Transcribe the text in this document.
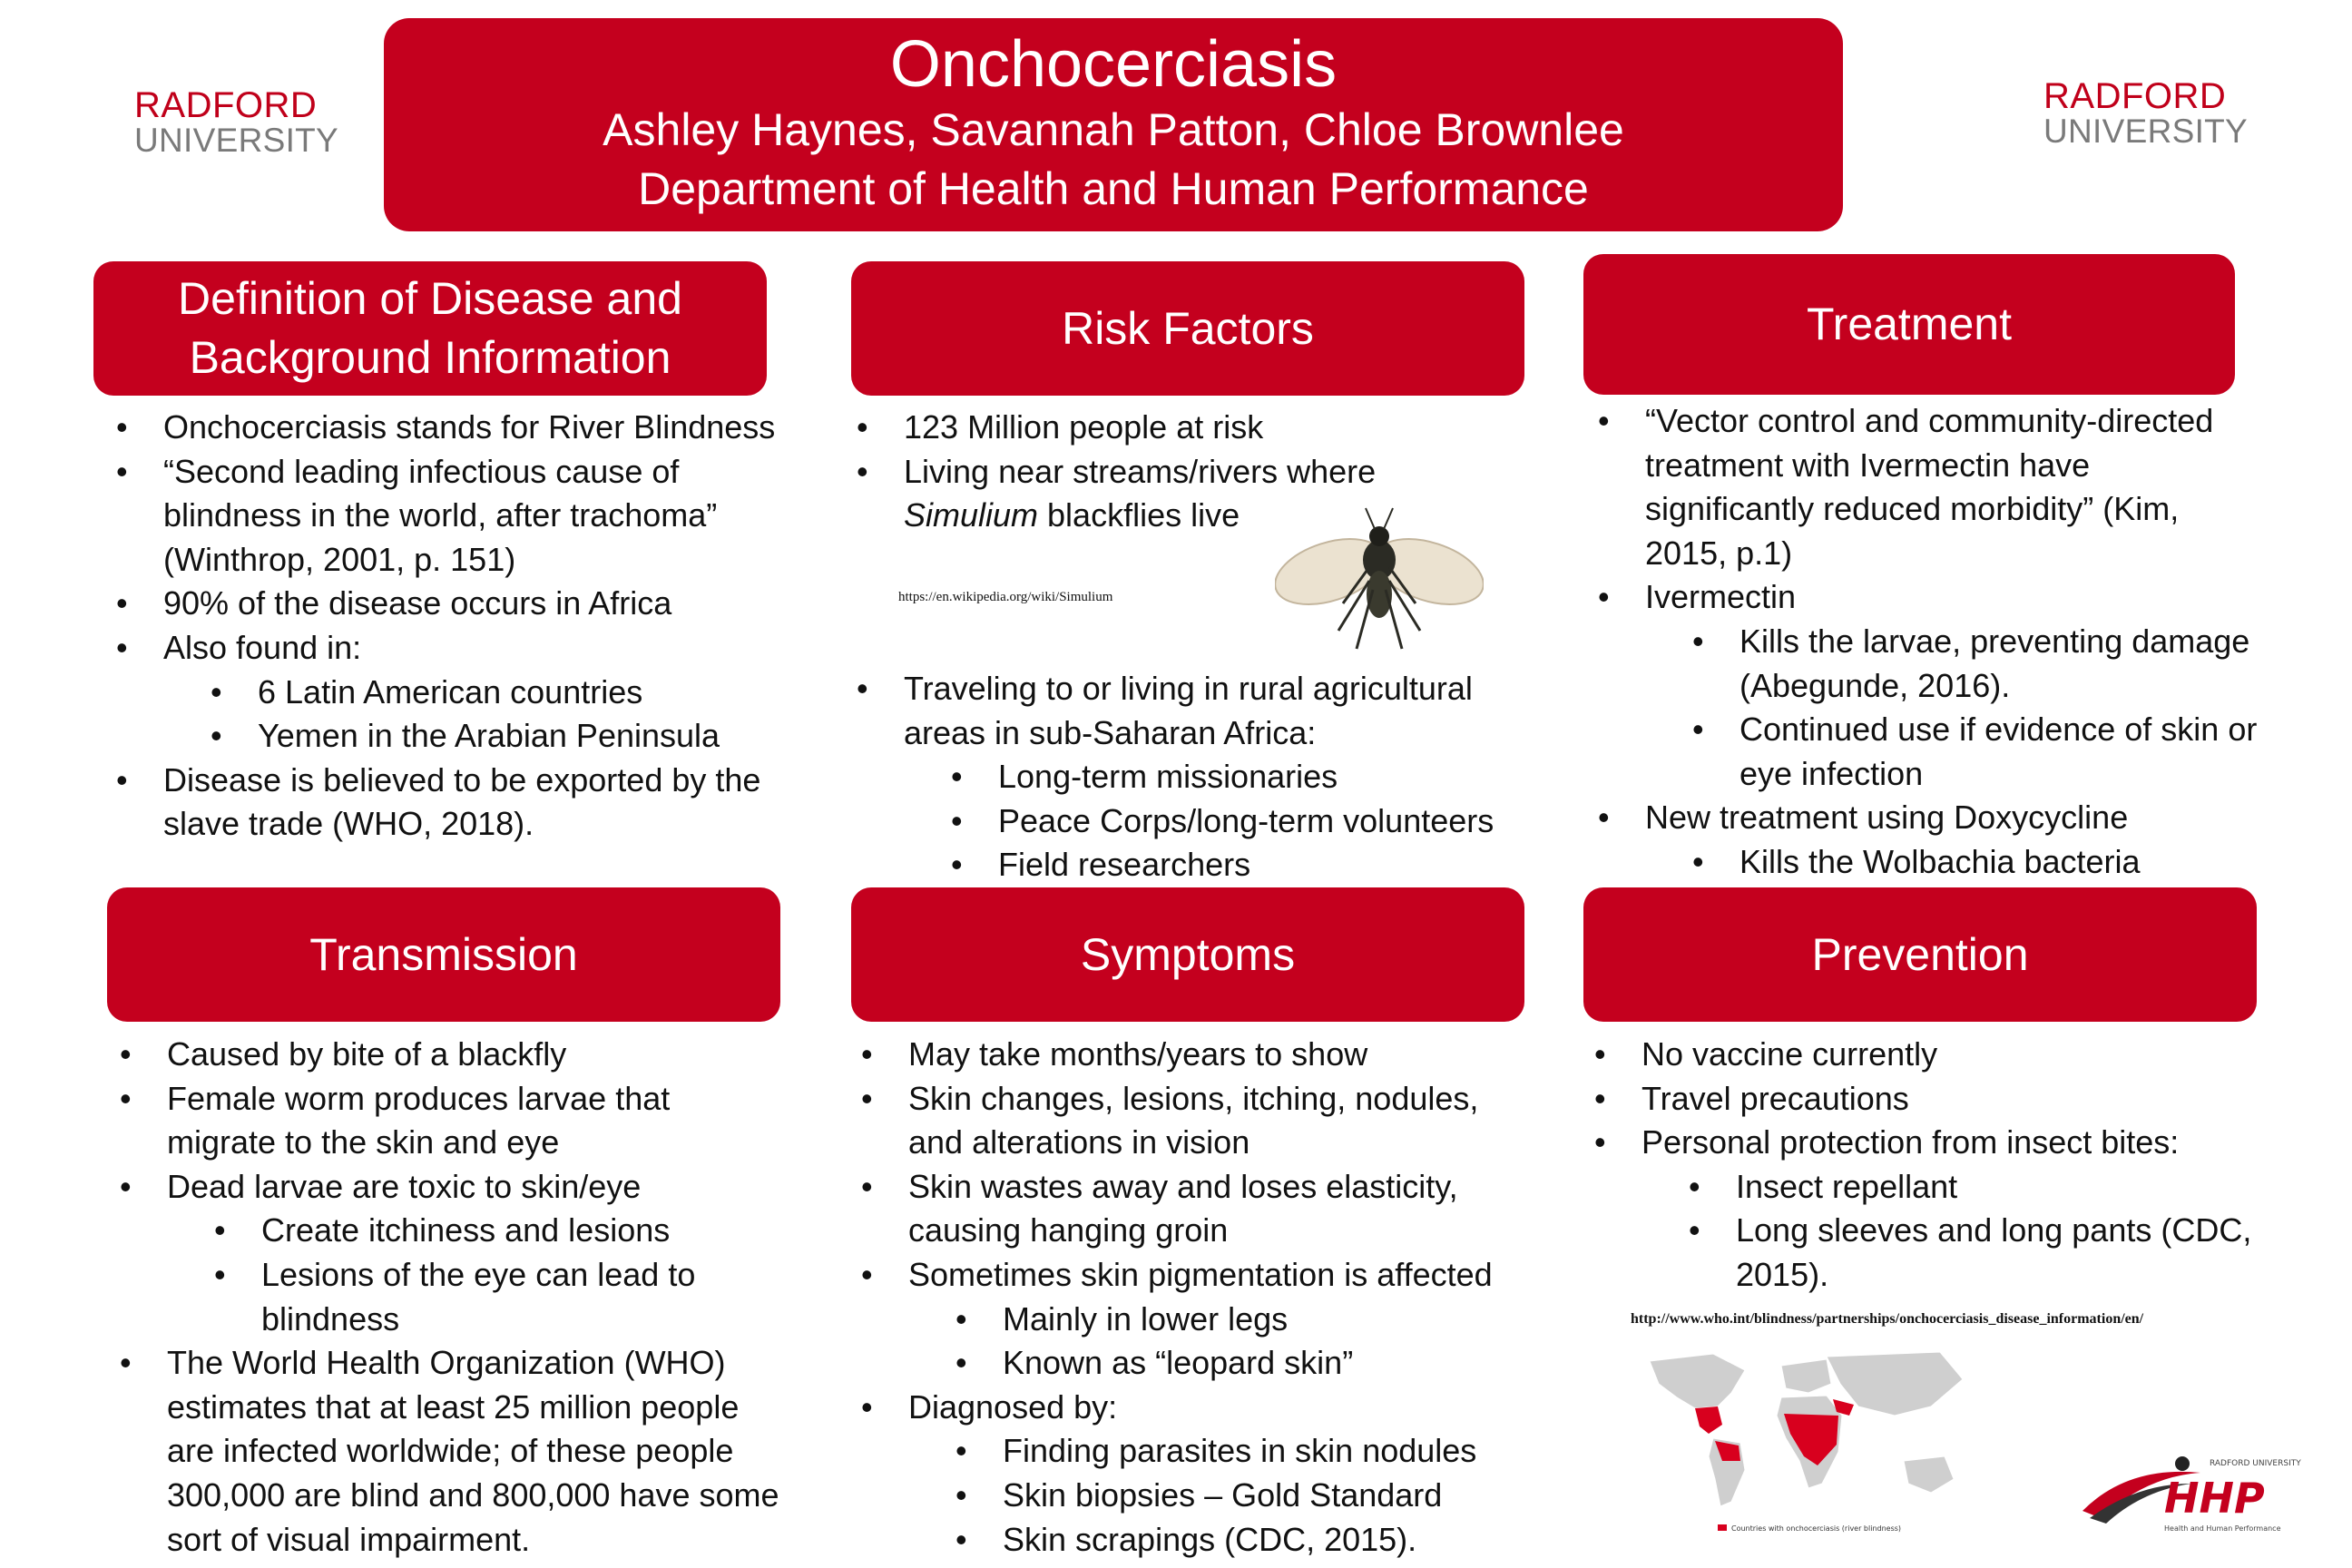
RADFORD
UNIVERSITY
RADFORD
UNIVERSITY
Onchocerciasis
Ashley Haynes, Savannah Patton, Chloe Brownlee
Department of Health and Human Performance
Definition of Disease and
Background Information
Risk Factors	Treatment
Transmission	Symptoms	Prevention
• Onchocerciasis stands for River Blindness
• “Second leading infectious cause of blindness in the world, after trachoma” (Winthrop, 2001, p. 151)
• 90% of the disease occurs in Africa
• Also found in:
• 6 Latin American countries
• Yemen in the Arabian Peninsula
• Disease is believed to be exported by the slave trade (WHO, 2018).
• 123 Million people at risk
• Living near streams/rivers where
Simulium blackflies live
https://en.wikipedia.org/wiki/Simulium
• Traveling to or living in rural agricultural areas in sub-Saharan Africa:
• Long-term missionaries
• Peace Corps/long-term volunteers
• Field researchers
• “Vector control and community-directed treatment with Ivermectin have significantly reduced morbidity” (Kim, 2015, p.1)
• Ivermectin
• Kills the larvae, preventing damage (Abegunde, 2016).
• Continued use if evidence of skin or eye infection
• New treatment using Doxycycline
• Kills the Wolbachia bacteria
• Caused by bite of a blackfly
• Female worm produces larvae that migrate to the skin and eye
• Dead larvae are toxic to skin/eye
• Create itchiness and lesions
• Lesions of the eye can lead to blindness
• The World Health Organization (WHO) estimates that at least 25 million people are infected worldwide; of these people 300,000 are blind and 800,000 have some sort of visual impairment.
• May take months/years to show
• Skin changes, lesions, itching, nodules, and alterations in vision
• Skin wastes away and loses elasticity, causing hanging groin
• Sometimes skin pigmentation is affected
• Mainly in lower legs
• Known as “leopard skin”
• Diagnosed by:
• Finding parasites in skin nodules
• Skin biopsies – Gold Standard
• Skin scrapings (CDC, 2015).
• No vaccine currently
• Travel precautions
• Personal protection from insect bites:
• Insect repellant
• Long sleeves and long pants (CDC, 2015).
http://www.who.int/blindness/partnerships/onchocerciasis_disease_information/en/
Countries with onchocerciasis (river blindness)
RADFORD UNIVERSITY
HHP
Health and Human Performance
